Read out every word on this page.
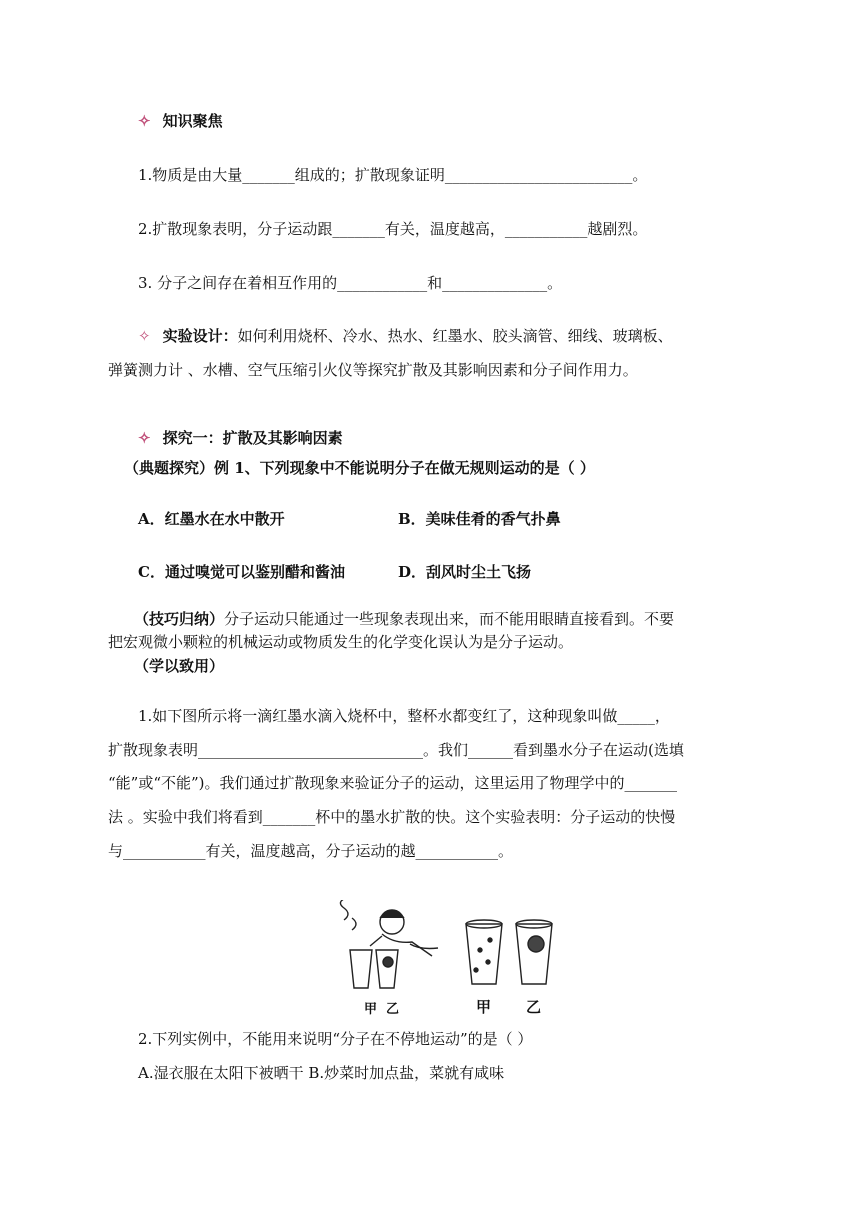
✧ 知识聚焦
1.物质是由大量_______组成的；扩散现象证明_________________________。
2.扩散现象表明，分子运动跟_______有关，温度越高，___________越剧烈。
3. 分子之间存在着相互作用的____________和______________。
✧ 实验设计：如何利用烧杯、冷水、热水、红墨水、胶头滴管、细线、玻璃板、
弹簧测力计 、水槽、空气压缩引火仪等探究扩散及其影响因素和分子间作用力。
✧ 探究一：扩散及其影响因素
（典题探究）例 1、下列现象中不能说明分子在做无规则运动的是（ ）
A．红墨水在水中散开	B．美味佳肴的香气扑鼻
C．通过嗅觉可以鉴别醋和酱油	D．刮风时尘土飞扬
（技巧归纳）分子运动只能通过一些现象表现出来，而不能用眼睛直接看到。不要
把宏观微小颗粒的机械运动或物质发生的化学变化误认为是分子运动。
（学以致用）
1.如下图所示将一滴红墨水滴入烧杯中，整杯水都变红了，这种现象叫做_____，
扩散现象表明______________________________。我们______看到墨水分子在运动(选填
“能”或“不能”)。我们通过扩散现象来验证分子的运动，这里运用了物理学中的_______
法 。实验中我们将看到_______杯中的墨水扩散的快。这个实验表明：分子运动的快慢
与___________有关，温度越高，分子运动的越___________。
甲 乙	甲 乙
2.下列实例中，不能用来说明“分子在不停地运动”的是（ ）
A.湿衣服在太阳下被晒干 B.炒菜时加点盐，菜就有咸味
